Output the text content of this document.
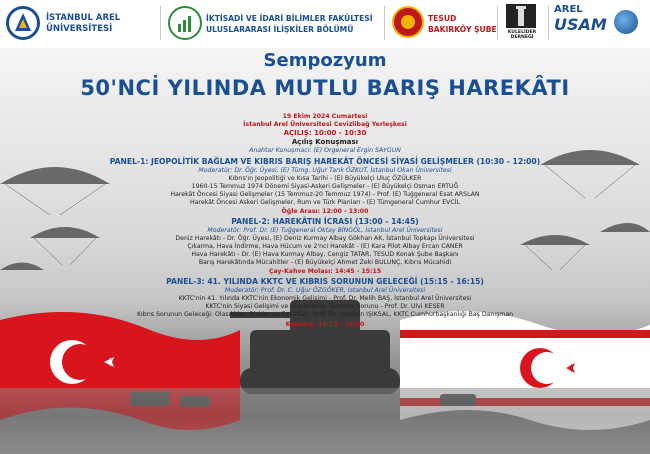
İSTANBUL AREL
ÜNİVERSİTESİ
İKTİSADİ VE İDARİ BİLİMLER FAKÜLTESİ
ULUSLARARASI İLİŞKİLER BÖLÜMÜ
TESUD
BAKIRKÖY ŞUBE	KULELİDER DERNEĞİ
AREL
USAM
Sempozyum
50'NCİ YILINDA MUTLU BARIŞ HAREKÂTI
19 Ekim 2024 Cumartesi
İstanbul Arel Üniversitesi Cevizlibağ Yerleşkesi
AÇILIŞ: 10:00 - 10:30
Açılış Konuşması
Anahtar Konuşmacı: (E) Orgeneral Ergin SAYGUN
PANEL-1: JEOPOLİTİK BAĞLAM VE KIBRIS BARIŞ HAREKÂT ÖNCESİ SİYASİ GELİŞMELER (10:30 - 12:00)
Moderatör: Dr. Öğr. Üyesi, (E) Tümg. Uğur Tarık ÖZKUT, İstanbul Okan Üniversitesi
Kıbrıs'ın Jeopolitiği ve Kısa Tarihi - (E) Büyükelçi Uluç ÖZÜLKER
1960-15 Temmuz 1974 Dönemi Siyasi-Askeri Gelişmeler - (E) Büyükelçi Osman ERTUĞ
Harekât Öncesi Siyasi Gelişmeler (15 Temmuz-20 Temmuz 1974) - Prof. (E) Tuğgeneral Esat ARSLAN
Harekât Öncesi Askeri Gelişmeler, Rum ve Türk Planları - (E) Tümgeneral Cumhur EVCİL
Öğle Arası: 12:00 - 13:00
PANEL-2: HAREKÂTIN İCRASI (13:00 - 14:45)
Moderatör: Prof. Dr. (E) Tuğgeneral Oktay BİNGÖL, İstanbul Arel Üniversitesi
Deniz Harekâtı - Dr. Öğr. Üyesi, (E) Deniz Kurmay Albay Gökhan AK, İstanbul Topkapı Üniversitesi
Çıkarma, Hava İndirme, Hava Hücum ve 2'nci Harekât - (E) Kara Pilot Albay Ercan CANER
Hava Harekâtı - Dr. (E) Hava Kurmay Albay, Cengiz TATAR, TESUD Konak Şube Başkanı
Barış Harekâtında Mücahitler - (E) Büyükelçi Ahmet Zeki BULUNÇ, Kıbrıs Mücahidi
Çay-Kahve Molası: 14:45 - 15:15
PANEL-3: 41. YILINDA KKTC VE KIBRIS SORUNUN GELECEĞİ (15:15 - 16:15)
Moderatör: Prof. Dr. C. Uğur ÖZGÖKER, İstanbul Arel Üniversitesi
KKTC'nin 41. Yılında KKTC'nin Ekonomik Gelişimi - Prof. Dr. Melih BAŞ, İstanbul Arel Üniversitesi
KKTC'nin Siyasi Gelişimi ve Uluslararası Tanınma Sorunu - Prof. Dr. Ulvi KESER
Kıbrıs Sorunun Geleceği: Olasılıklar, Riskler ve Fırsatlar - Prof. Dr. Hüseyin IŞIKSAL, KKTC Cumhurbaşkanlığı Baş Danışman
Kapanış: 16:15 - 16:30
